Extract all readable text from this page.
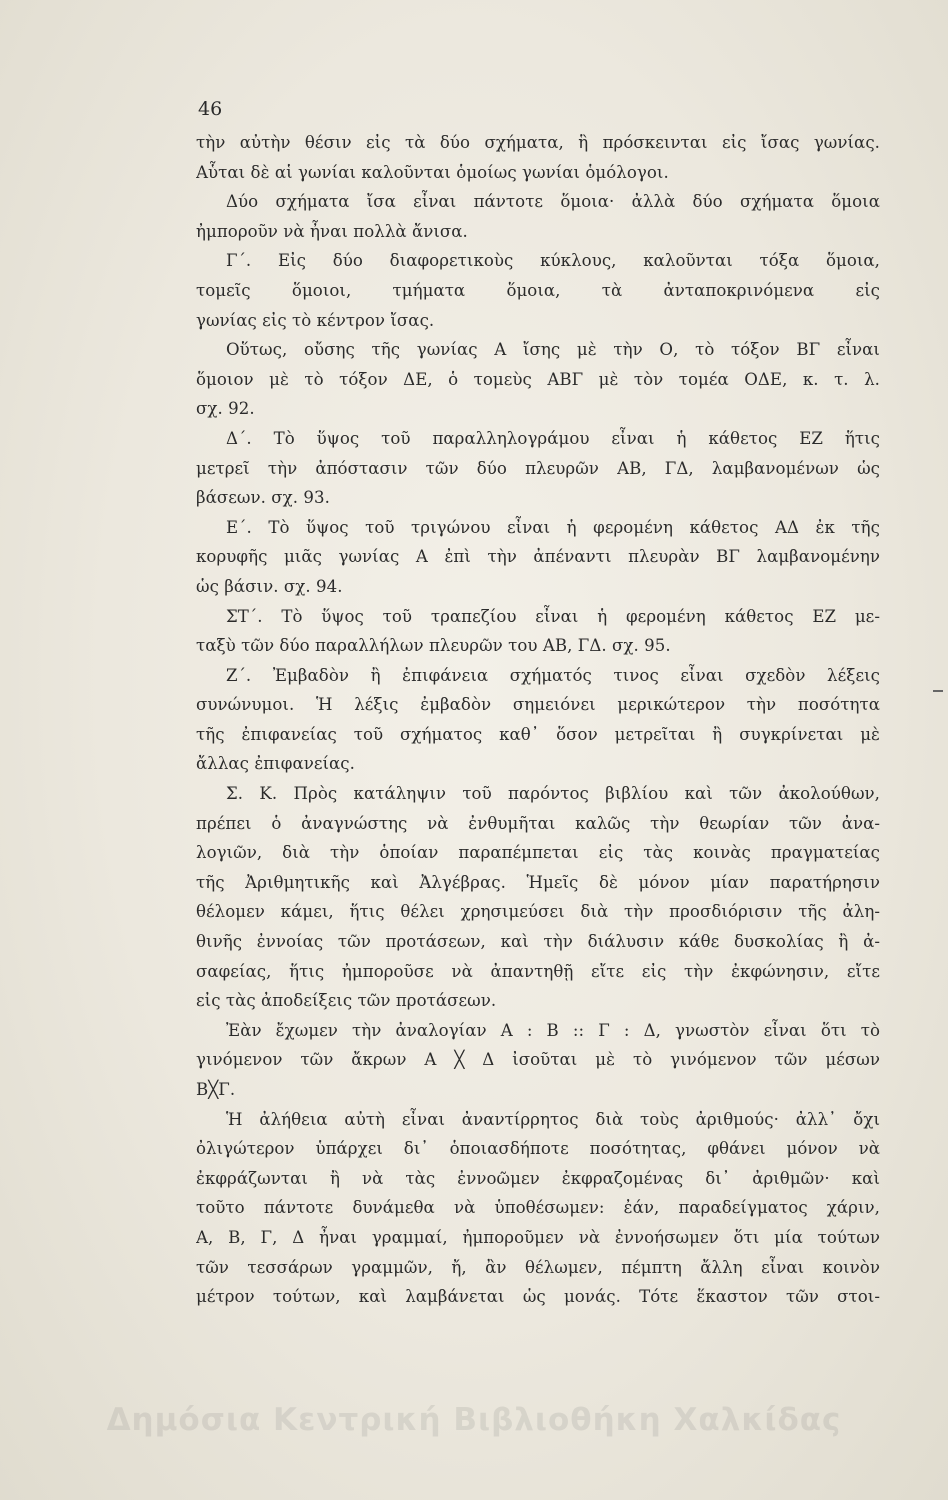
46
τὴν αὐτὴν θέσιν εἰς τὰ δύο σχήματα, ἣ πρόσκεινται εἰς ἴσας γωνίας.
Αὗται δὲ αἱ γωνίαι καλοῦνται ὁμοίως γωνίαι ὁμόλογοι.
Δύο σχήματα ἴσα εἶναι πάντοτε ὅμοια· ἀλλὰ δύο σχήματα ὅμοια
ἠμποροῦν νὰ ἦναι πολλὰ ἄνισα.
Γ΄. Εἰς δύο διαφορετικοὺς κύκλους, καλοῦνται τόξα ὅμοια,
τομεῖς ὅμοιοι, τμήματα ὅμοια, τὰ ἀνταποκρινόμενα εἰς
γωνίας εἰς τὸ κέντρον ἴσας.
Οὕτως, οὔσης τῆς γωνίας Α ἴσης μὲ τὴν Ο, τὸ τόξον ΒΓ εἶναι
ὅμοιον μὲ τὸ τόξον ΔΕ, ὁ τομεὺς ΑΒΓ μὲ τὸν τομέα ΟΔΕ, κ. τ. λ.
σχ. 92.
Δ΄. Τὸ ὕψος τοῦ παραλληλογράμου εἶναι ἡ κάθετος ΕΖ ἥτις
μετρεῖ τὴν ἀπόστασιν τῶν δύο πλευρῶν ΑΒ, ΓΔ, λαμβανομένων ὡς
βάσεων. σχ. 93.
Ε΄. Τὸ ὕψος τοῦ τριγώνου εἶναι ἡ φερομένη κάθετος ΑΔ ἐκ τῆς
κορυφῆς μιᾶς γωνίας Α ἐπὶ τὴν ἀπέναντι πλευρὰν ΒΓ λαμβανομένην
ὡς βάσιν. σχ. 94.
ΣΤ΄. Τὸ ὕψος τοῦ τραπεζίου εἶναι ἡ φερομένη κάθετος ΕΖ με-
ταξὺ τῶν δύο παραλλήλων πλευρῶν του ΑΒ, ΓΔ. σχ. 95.
Ζ΄. Ἐμβαδὸν ἢ ἐπιφάνεια σχήματός τινος εἶναι σχεδὸν λέξεις
συνώνυμοι. Ἡ λέξις ἐμβαδὸν σημειόνει μερικώτερον τὴν ποσότητα
τῆς ἐπιφανείας τοῦ σχήματος καθ᾽ ὅσον μετρεῖται ἢ συγκρίνεται μὲ
ἄλλας ἐπιφανείας.
Σ. Κ. Πρὸς κατάληψιν τοῦ παρόντος βιβλίου καὶ τῶν ἀκολούθων,
πρέπει ὁ ἀναγνώστης νὰ ἐνθυμῆται καλῶς τὴν θεωρίαν τῶν ἀνα-
λογιῶν, διὰ τὴν ὁποίαν παραπέμπεται εἰς τὰς κοινὰς πραγματείας
τῆς Ἀριθμητικῆς καὶ Ἀλγέβρας. Ἡμεῖς δὲ μόνον μίαν παρατήρησιν
θέλομεν κάμει, ἥτις θέλει χρησιμεύσει διὰ τὴν προσδιόρισιν τῆς ἀλη-
θινῆς ἐννοίας τῶν προτάσεων, καὶ τὴν διάλυσιν κάθε δυσκολίας ἢ ἀ-
σαφείας, ἥτις ἠμποροῦσε νὰ ἀπαντηθῇ εἴτε εἰς τὴν ἐκφώνησιν, εἴτε
εἰς τὰς ἀποδείξεις τῶν προτάσεων.
Ἐὰν ἔχωμεν τὴν ἀναλογίαν Α : Β :: Γ : Δ, γνωστὸν εἶναι ὅτι τὸ
γινόμενον τῶν ἄκρων Α ╳ Δ ἰσοῦται μὲ τὸ γινόμενον τῶν μέσων
Β╳Γ.
Ἡ ἀλήθεια αὐτὴ εἶναι ἀναντίρρητος διὰ τοὺς ἀριθμούς· ἀλλ᾽ ὄχι
ὀλιγώτερον ὑπάρχει δι᾽ ὁποιασδήποτε ποσότητας, φθάνει μόνον νὰ
ἐκφράζωνται ἢ νὰ τὰς ἐννοῶμεν ἐκφραζομένας δι᾽ ἀριθμῶν· καὶ
τοῦτο πάντοτε δυνάμεθα νὰ ὑποθέσωμεν: ἐάν, παραδείγματος χάριν,
Α, Β, Γ, Δ ἦναι γραμμαί, ἠμποροῦμεν νὰ ἐννοήσωμεν ὅτι μία τούτων
τῶν τεσσάρων γραμμῶν, ἤ, ἂν θέλωμεν, πέμπτη ἄλλη εἶναι κοινὸν
μέτρον τούτων, καὶ λαμβάνεται ὡς μονάς. Τότε ἕκαστον τῶν στοι-
Δημόσια Κεντρική Βιβλιοθήκη Χαλκίδας
